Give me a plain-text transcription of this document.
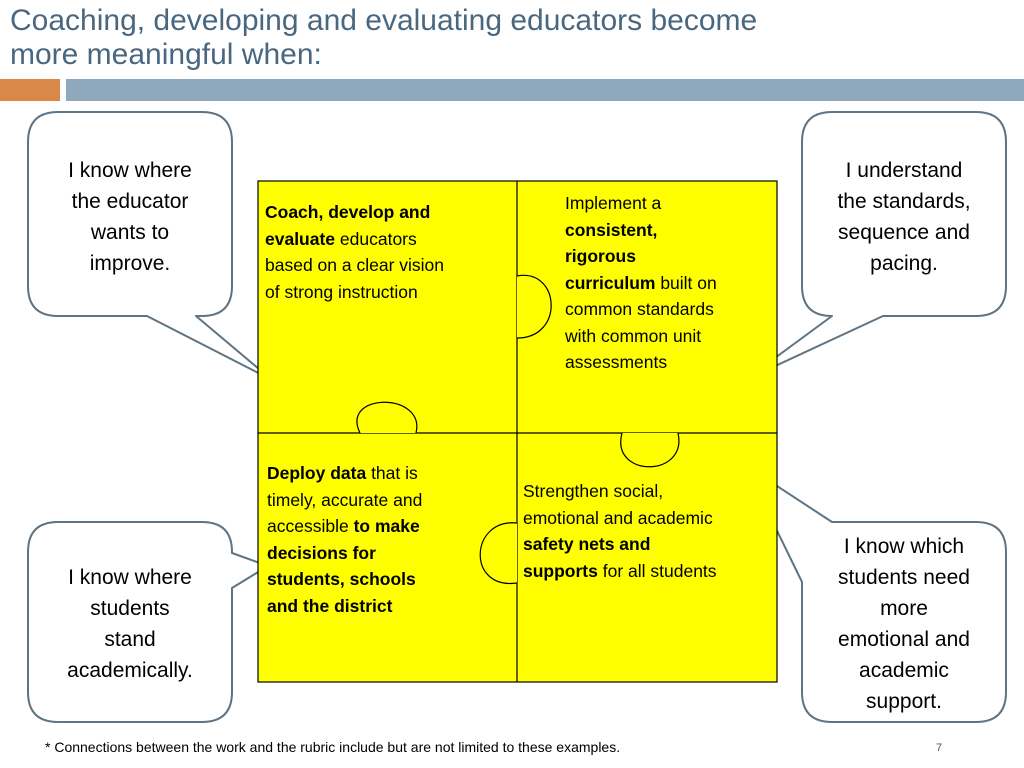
Coaching, developing and evaluating educators become
more meaningful when:
I know where
the educator
wants to
improve.
I understand
the standards,
sequence and
pacing.
I know where
students
stand
academically.
I know which
students need
more
emotional and
academic
support.
Coach, develop and
evaluate educators
based on a clear vision
of strong instruction
Implement a
consistent,
rigorous
curriculum built on
common standards
with common unit
assessments
Deploy data that is
timely, accurate and
accessible to make
decisions for
students, schools
and the district
Strengthen social,
emotional and academic
safety nets and
supports for all students
* Connections between the work and the rubric include but are not limited to these examples.	7
